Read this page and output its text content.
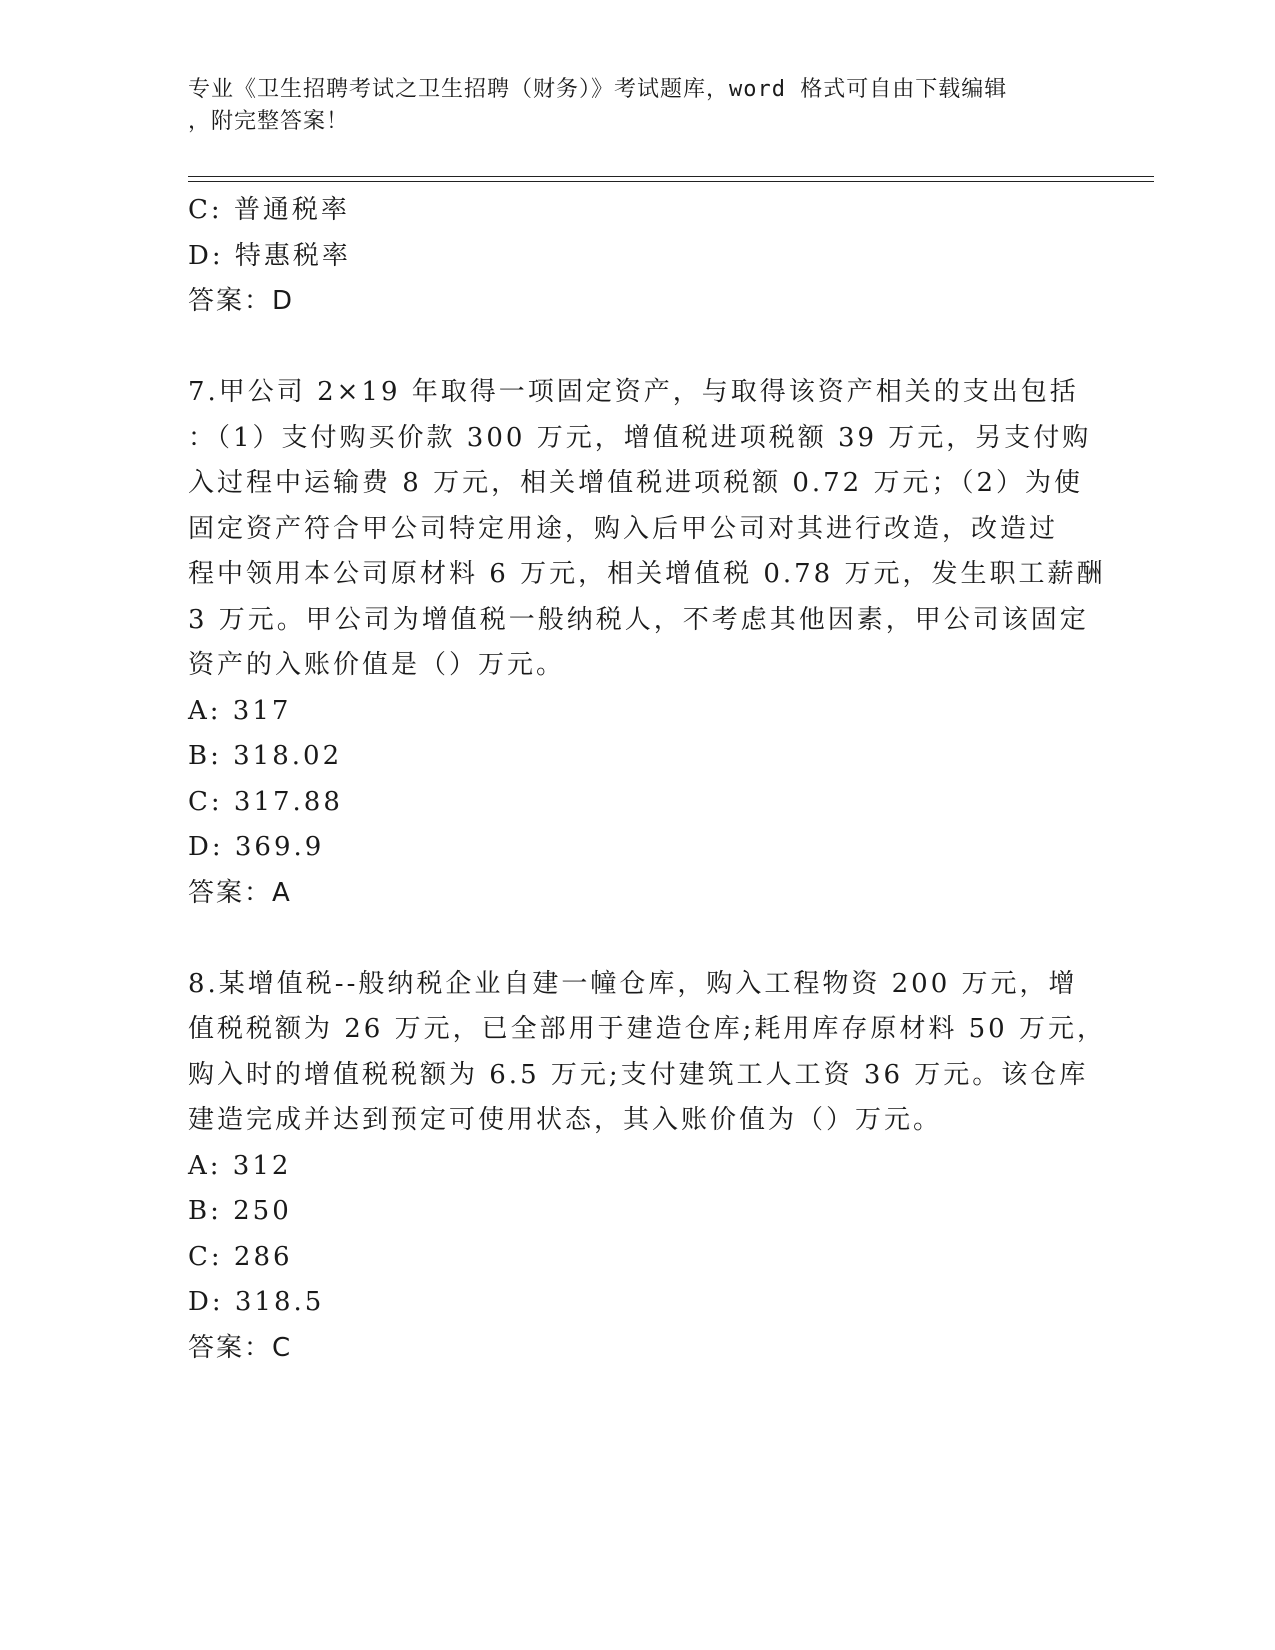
专业《卫生招聘考试之卫生招聘（财务）》考试题库，word 格式可自由下载编辑
，附完整答案！
C: 普通税率
D: 特惠税率
答案：D
7.甲公司 2×19 年取得一项固定资产，与取得该资产相关的支出包括
：（1）支付购买价款 300 万元，增值税进项税额 39 万元，另支付购
入过程中运输费 8 万元，相关增值税进项税额 0.72 万元；（2）为使
固定资产符合甲公司特定用途，购入后甲公司对其进行改造，改造过
程中领用本公司原材料 6 万元，相关增值税 0.78 万元，发生职工薪酬
3 万元。甲公司为增值税一般纳税人，不考虑其他因素，甲公司该固定
资产的入账价值是（）万元。
A: 317
B: 318.02
C: 317.88
D: 369.9
答案：A
8.某增值税--般纳税企业自建一幢仓库，购入工程物资 200 万元，增
值税税额为 26 万元，已全部用于建造仓库;耗用库存原材料 50 万元，
购入时的增值税税额为 6.5 万元;支付建筑工人工资 36 万元。该仓库
建造完成并达到预定可使用状态，其入账价值为（）万元。
A: 312
B: 250
C: 286
D: 318.5
答案：C
